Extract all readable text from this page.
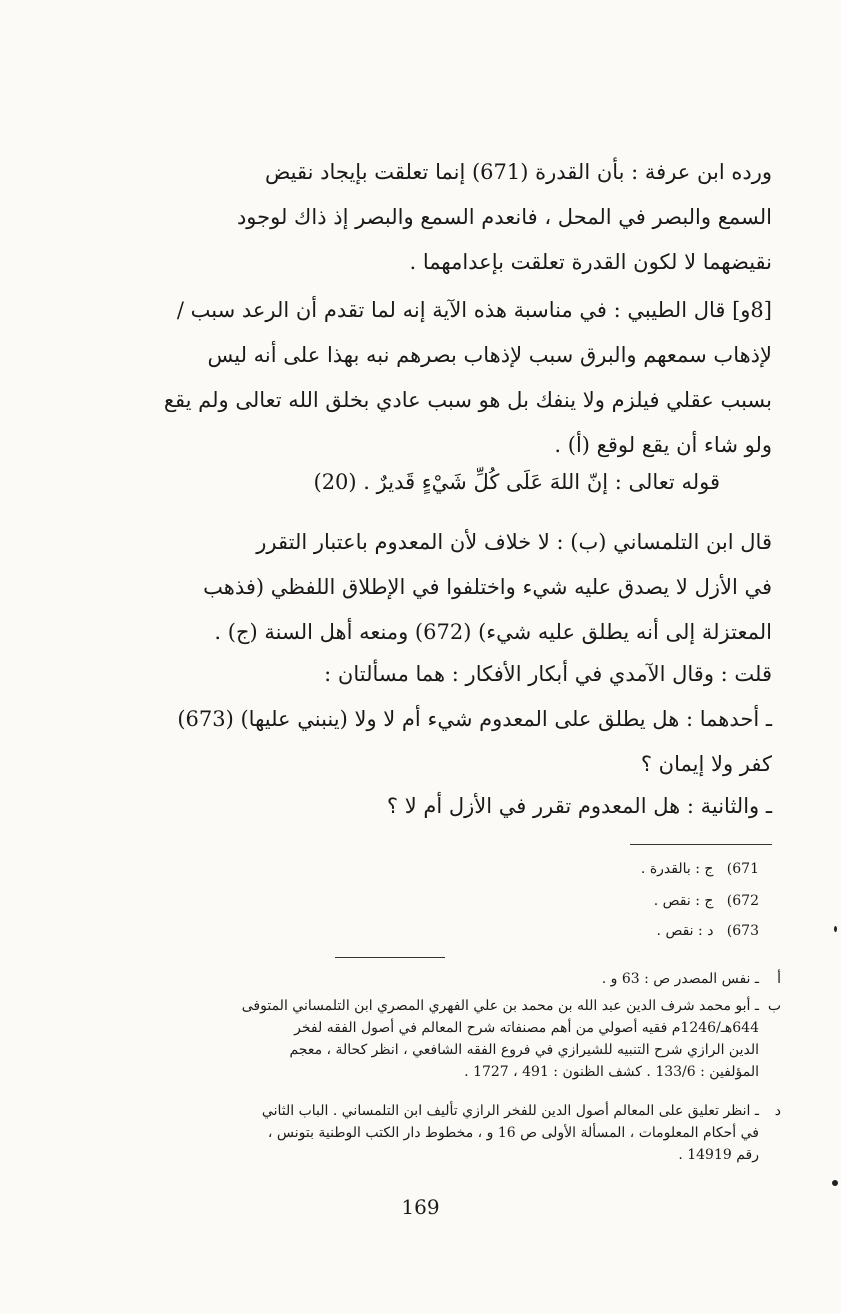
ورده ابن عرفة : بأن القدرة (671) إنما تعلقت بإيجاد نقيض
السمع والبصر في المحل ، فانعدم السمع والبصر إذ ذاك لوجود
نقيضهما لا لكون القدرة تعلقت بإعدامهما .

[8و] قال الطيبي : في مناسبة هذه الآية إنه لما تقدم أن الرعد سبب /
لإذهاب سمعهم والبرق سبب لإذهاب بصرهم نبه بهذا على أنه ليس
بسبب عقلي فيلزم ولا ينفك بل هو سبب عادي بخلق الله تعالى ولم يقع
ولو شاء أن يقع لوقع (أ) .

قوله تعالى : إنّ اللهَ عَلَى كُلِّ شَيْءٍ قَديرٌ . (20)

قال ابن التلمساني (ب) : لا خلاف لأن المعدوم باعتبار التقرر
في الأزل لا يصدق عليه شيء واختلفوا في الإطلاق اللفظي (فذهب
المعتزلة إلى أنه يطلق عليه شيء) (672) ومنعه أهل السنة (ج) .

قلت : وقال الآمدي في أبكار الأفكار : هما مسألتان :
ـ أحدهما : هل يطلق على المعدوم شيء أم لا ولا (ينبني عليها) (673)
كفر ولا إيمان ؟

ـ والثانية : هل المعدوم تقرر في الأزل أم لا ؟

671)   ج : بالقدرة .
672)   ج : نقص .
673)   د : نقص .
أ
ـ نفس المصدر ص : 63 و .
ب
ـ أبو محمد شرف الدين عبد الله بن محمد بن علي الفهري المصري ابن التلمساني المتوفى
644هـ/1246م فقيه أصولي من أهم مصنفاته شرح المعالم في أصول الفقه لفخر
الدين الرازي شرح التنبيه للشيرازي في فروع الفقه الشافعي ، انظر كحالة ، معجم
المؤلفين : 133/6 . كشف الظنون : 491 ، 1727 .
د
ـ انظر تعليق على المعالم أصول الدين للفخر الرازي تأليف ابن التلمساني . الباب الثاني
في أحكام المعلومات ، المسألة الأولى ص 16 و ، مخطوط دار الكتب الوطنية بتونس ،
رقم 14919 .
169
